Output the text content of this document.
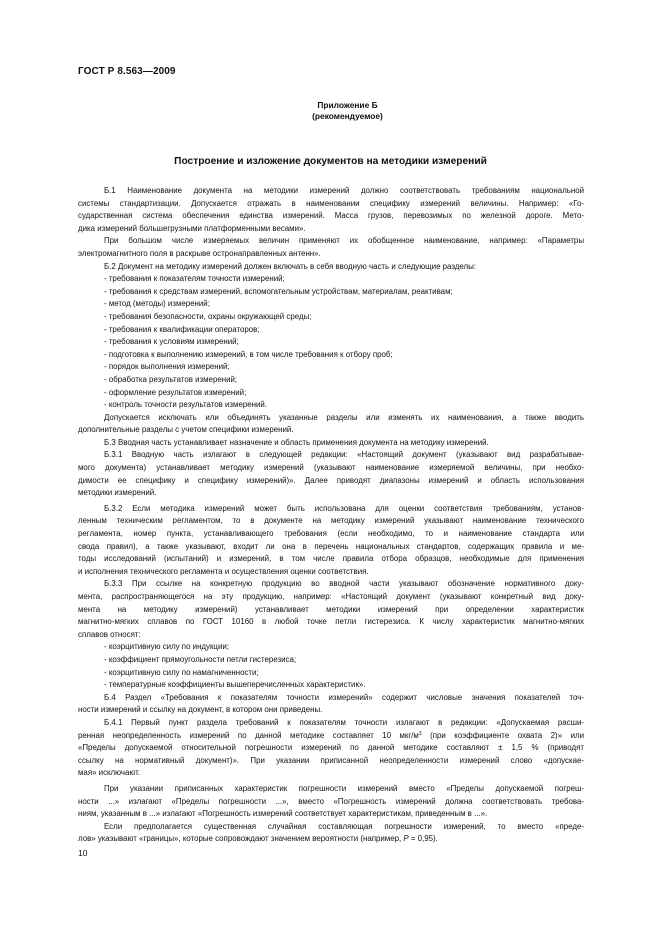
ГОСТ Р 8.563—2009
Приложение Б
(рекомендуемое)
Построение и изложение документов на методики измерений
Б.1 Наименование документа на методики измерений должно соответствовать требованиям национальной
системы стандартизации. Допускается отражать в наименовании специфику измерений величины. Например: «Го-
сударственная система обеспечения единства измерений. Масса грузов, перевозимых по железной дороге. Мето-
дика измерений большегрузными платформенными весами».
При большом числе измеряемых величин применяют их обобщенное наименование, например: «Параметры
электромагнитного поля в раскрыве остронаправленных антенн».
Б.2 Документ на методику измерений должен включать в себя вводную часть и следующие разделы:
- требования к показателям точности измерений;
- требования к средствам измерений, вспомогательным устройствам, материалам, реактивам;
- метод (методы) измерений;
- требования безопасности, охраны окружающей среды;
- требования к квалификации операторов;
- требования к условиям измерений;
- подготовка к выполнению измерений, в том числе требования к отбору проб;
- порядок выполнения измерений;
- обработка результатов измерений;
- оформление результатов измерений;
- контроль точности результатов измерений.
Допускается исключать или объединять указанные разделы или изменять их наименования, а также вводить
дополнительные разделы с учетом специфики измерений.
Б.3 Вводная часть устанавливает назначение и область применения документа на методику измерений.
Б.3.1 Вводную часть излагают в следующей редакции: «Настоящий документ (указывают вид разрабатывае-
мого документа) устанавливает методику измерений (указывают наименование измеряемой величины, при необхо-
димости ее специфику и специфику измерений)». Далее приводят диапазоны измерений и область использования
методики измерений.
Б.3.2 Если методика измерений может быть использована для оценки соответствия требованиям, установ-
ленным техническим регламентом, то в документе на методику измерений указывают наименование технического
регламента, номер пункта, устанавливающего требования (если необходимо, то и наименование стандарта или
свода правил), а также указывают, входит ли она в перечень национальных стандартов, содержащих правила и ме-
тоды исследований (испытаний) и измерений, в том числе правила отбора образцов, необходимые для применения
и исполнения технического регламента и осуществления оценки соответствия.
Б.3.3 При ссылке на конкретную продукцию во вводной части указывают обозначение нормативного доку-
мента, распространяющегося на эту продукцию, например: «Настоящий документ (указывают конкретный вид доку-
мента на методику измерений) устанавливает методики измерений при определении характеристик
магнитно-мягких сплавов по ГОСТ 10160 в любой точке петли гистерезиса. К числу характеристик магнитно-мягких
сплавов относят:
- коэрцитивную силу по индукции;
- коэффициент прямоугольности петли гистерезиса;
- коэрцитивную силу по намагниченности;
- температурные коэффициенты вышеперечисленных характеристик».
Б.4 Раздел «Требования к показателям точности измерений» содержит числовые значения показателей точ-
ности измерений и ссылку на документ, в котором они приведены.
Б.4.1 Первый пункт раздела требований к показателям точности излагают в редакции: «Допускаемая расши-
ренная неопределенность измерений по данной методике составляет 10 мкг/$м^3$ (при коэффициенте охвата 2)» или
«Пределы допускаемой относительной погрешности измерений по данной методике составляют ± 1,5 % (приводят
ссылку на нормативный документ)». При указании приписанной неопределенности измерений слово «допускае-
мая» исключают.
При указании приписанных характеристик погрешности измерений вместо «Пределы допускаемой погреш-
ности ...» излагают «Пределы погрешности ...», вместо «Погрешность измерений должна соответствовать требова-
ниям, указанным в ...» излагают «Погрешность измерений соответствует характеристикам, приведенным в ...».
Если предполагается существенная случайная составляющая погрешности измерений, то вместо «преде-
лов» указывают «границы», которые сопровождают значением вероятности (например, P = 0,95).
10
